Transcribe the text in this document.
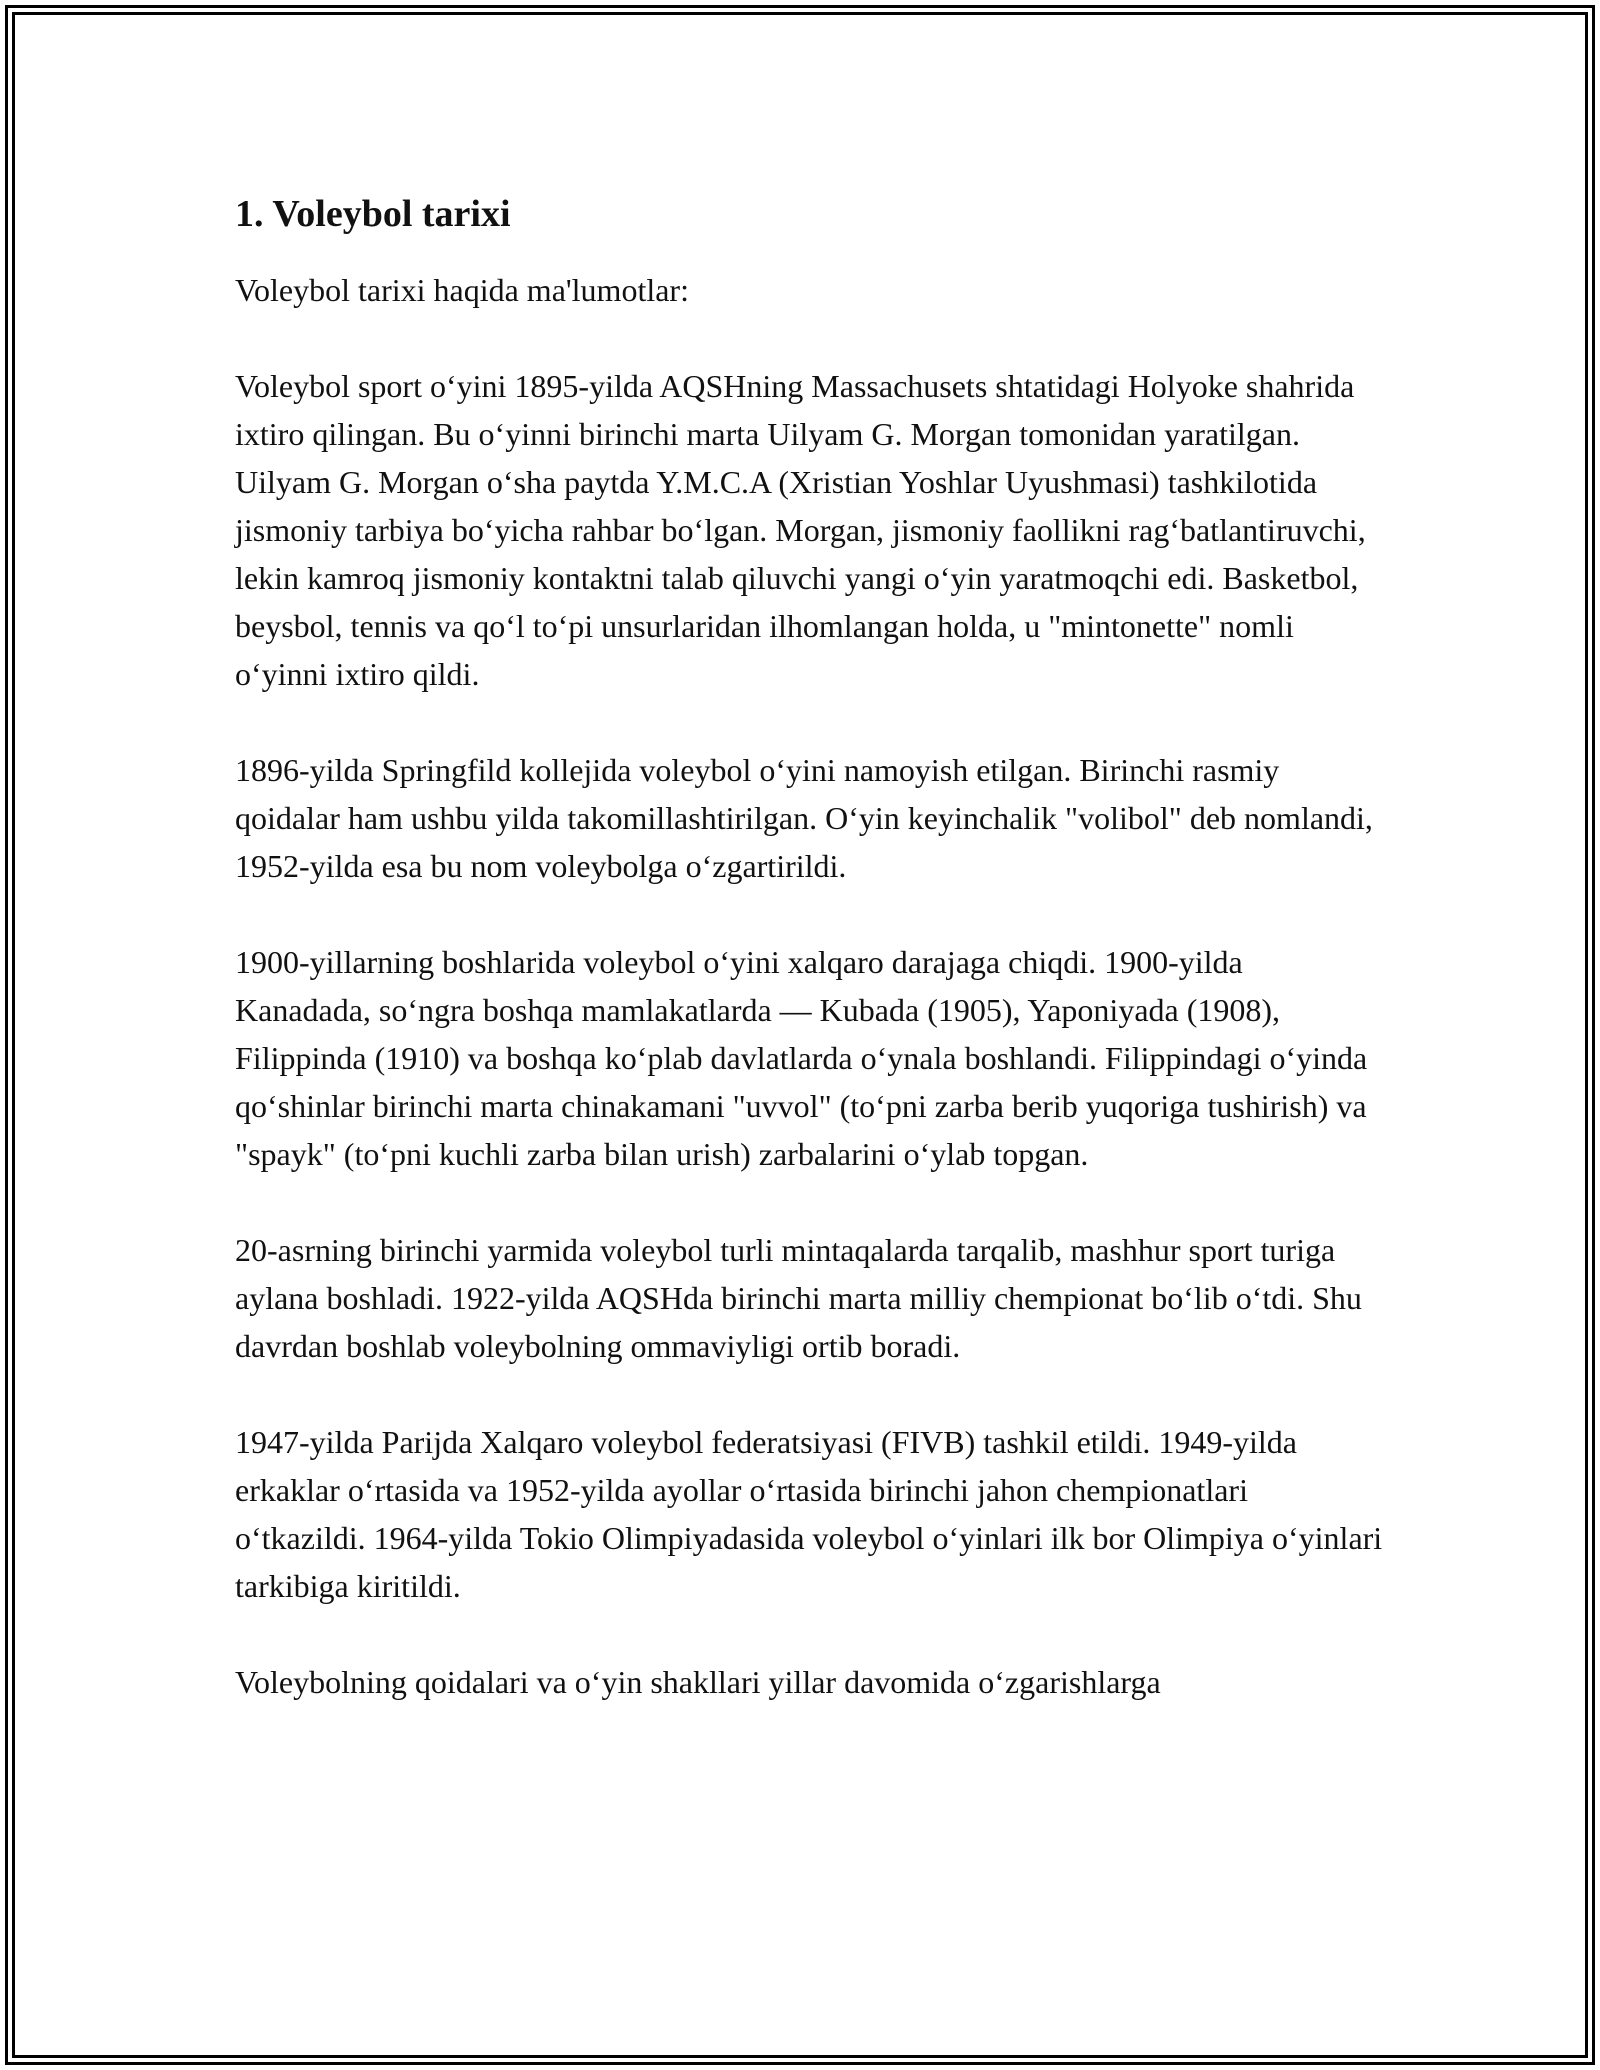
1. Voleybol tarixi

Voleybol tarixi haqida ma'lumotlar:

Voleybol sport o‘yini 1895-yilda AQSHning Massachusets shtatidagi Holyoke shahrida ixtiro qilingan. Bu o‘yinni birinchi marta Uilyam G. Morgan tomonidan yaratilgan. Uilyam G. Morgan o‘sha paytda Y.M.C.A (Xristian Yoshlar Uyushmasi) tashkilotida jismoniy tarbiya bo‘yicha rahbar bo‘lgan. Morgan, jismoniy faollikni rag‘batlantiruvchi, lekin kamroq jismoniy kontaktni talab qiluvchi yangi o‘yin yaratmoqchi edi. Basketbol, beysbol, tennis va qo‘l to‘pi unsurlaridan ilhomlangan holda, u "mintonette" nomli o‘yinni ixtiro qildi.

1896-yilda Springfild kollejida voleybol o‘yini namoyish etilgan. Birinchi rasmiy qoidalar ham ushbu yilda takomillashtirilgan. O‘yin keyinchalik "volibol" deb nomlandi, 1952-yilda esa bu nom voleybolga o‘zgartirildi.

1900-yillarning boshlarida voleybol o‘yini xalqaro darajaga chiqdi. 1900-yilda Kanadada, so‘ngra boshqa mamlakatlarda — Kubada (1905), Yaponiyada (1908), Filippinda (1910) va boshqa ko‘plab davlatlarda o‘ynala boshlandi. Filippindagi o‘yinda qo‘shinlar birinchi marta chinakamani "uvvol" (to‘pni zarba berib yuqoriga tushirish) va "spayk" (to‘pni kuchli zarba bilan urish) zarbalarini o‘ylab topgan.

20-asrning birinchi yarmida voleybol turli mintaqalarda tarqalib, mashhur sport turiga aylana boshladi. 1922-yilda AQSHda birinchi marta milliy chempionat bo‘lib o‘tdi. Shu davrdan boshlab voleybolning ommaviyligi ortib boradi.

1947-yilda Parijda Xalqaro voleybol federatsiyasi (FIVB) tashkil etildi. 1949-yilda erkaklar o‘rtasida va 1952-yilda ayollar o‘rtasida birinchi jahon chempionatlari o‘tkazildi. 1964-yilda Tokio Olimpiyadasida voleybol o‘yinlari ilk bor Olimpiya o‘yinlari tarkibiga kiritildi.

Voleybolning qoidalari va o‘yin shakllari yillar davomida o‘zgarishlarga
